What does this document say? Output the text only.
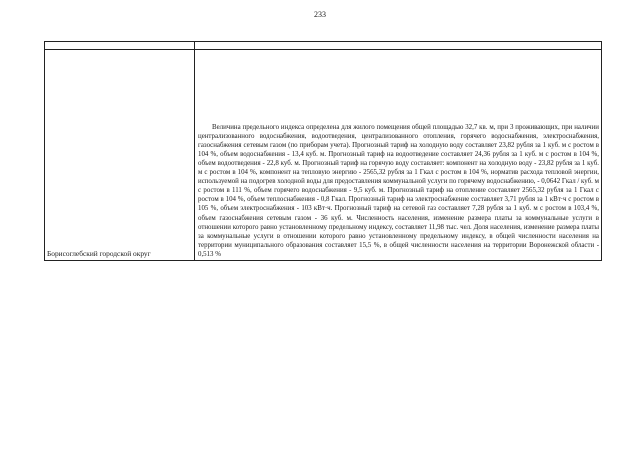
233

Борисоглебский городской округ	Величина предельного индекса определена для жилого помещения общей площадью 32,7 кв. м, при 3 проживающих, при наличии централизованного водоснабжения, водоотведения, централизованного отопления, горячего водоснабжения, электроснабжения, газоснабжения сетевым газом (по приборам учета). Прогнозный тариф на холодную воду составляет 23,82 рубля за 1 куб. м с ростом в 104 %, объем водоснабжения - 13,4 куб. м. Прогнозный тариф на водоотведение составляет 24,36 рубля за 1 куб. м с ростом в 104 %, объем водоотведения - 22,8 куб. м. Прогнозный тариф на горячую воду составляет: компонент на холодную воду - 23,82 рубля за 1 куб. м с ростом в 104 %, компонент на тепловую энергию - 2565,32 рубля за 1 Гкал с ростом в 104 %, норматив расхода тепловой энергии, используемой на подогрев холодной воды для предоставления коммунальной услуги по горячему водоснабжению, - 0,0642 Гкал / куб. м с ростом в 111 %, объем горячего водоснабжения - 9,5 куб. м. Прогнозный тариф на отопление составляет 2565,32 рубля за 1 Гкал с ростом в 104 %, объем теплоснабжения - 0,8 Гкал. Прогнозный тариф на электроснабжение составляет 3,71 рубля за 1 кВт·ч с ростом в 105 %, объем электроснабжения - 103 кВт·ч. Прогнозный тариф на сетевой газ составляет 7,28 рубля за 1 куб. м с ростом в 103,4 %, объем газоснабжения сетевым газом - 36 куб. м. Численность населения, изменение размера платы за коммунальные услуги в отношении которого равно установленному предельному индексу, составляет 11,98 тыс. чел. Доля населения, изменение размера платы за коммунальные услуги в отношении которого равно установленному предельному индексу, в общей численности населения на территории муниципального образования составляет 15,5 %, в общей численности населения на территории Воронежской области - 0,513 %
